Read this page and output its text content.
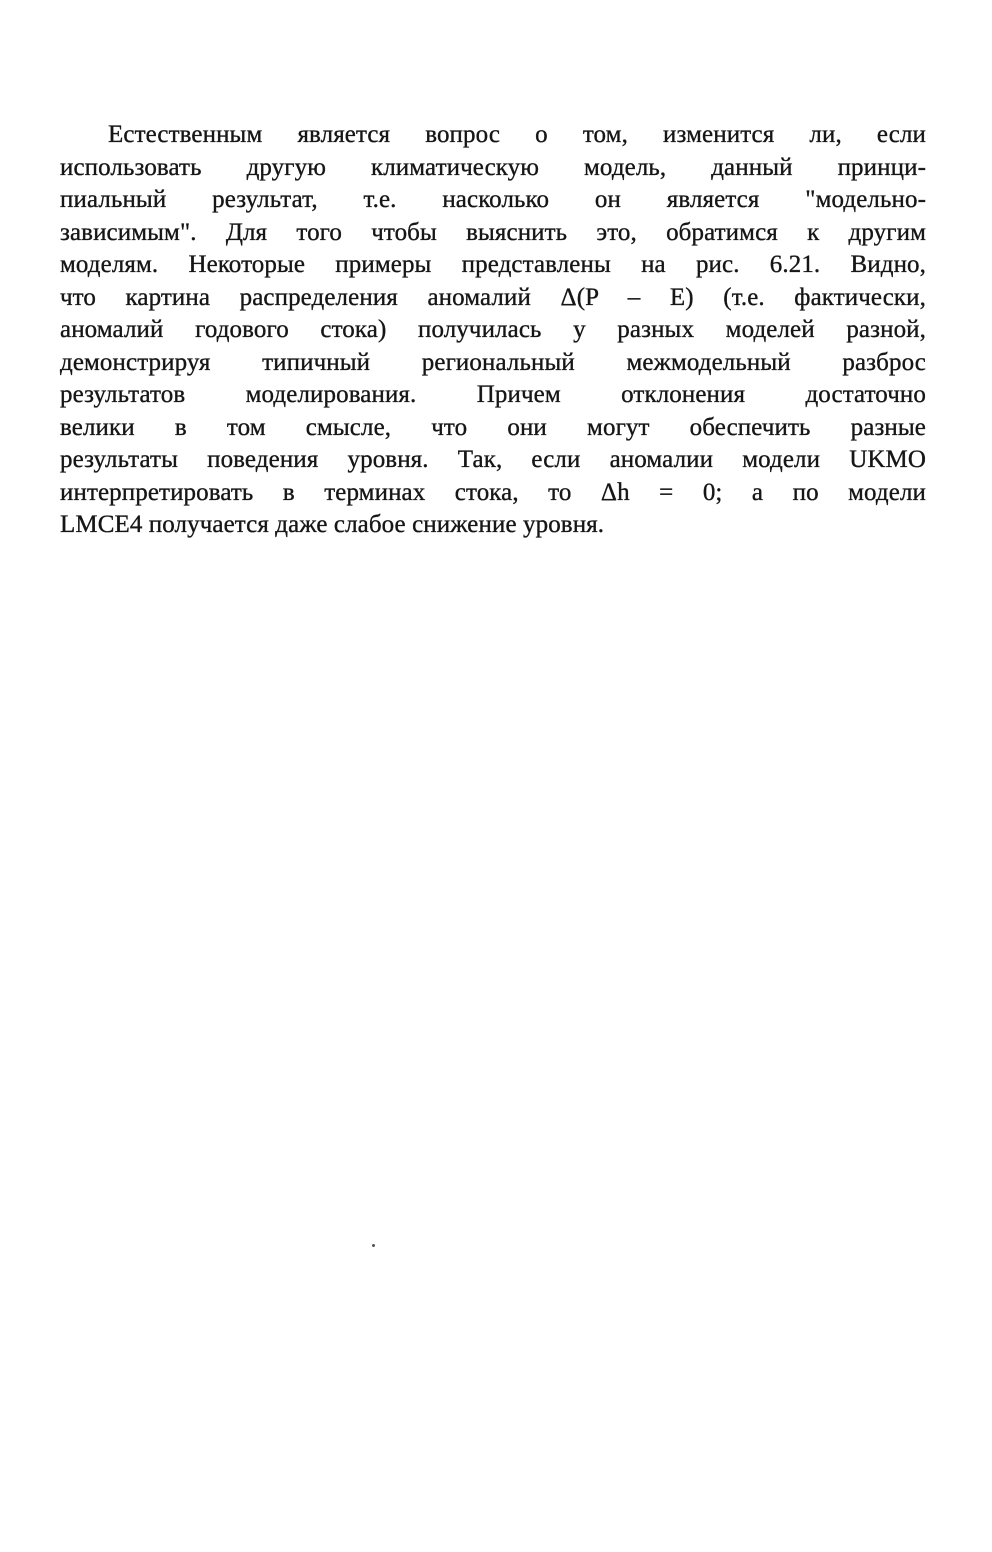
Естественным является вопрос о том, изменится ли, если
использовать другую климатическую модель, данный принци-
пиальный результат, т.е. насколько он является "модельно-
зависимым". Для того чтобы выяснить это, обратимся к другим
моделям. Некоторые примеры представлены на рис. 6.21. Видно,
что картина распределения аномалий Δ(P – E) (т.е. фактически,
аномалий годового стока) получилась у разных моделей разной,
демонстрируя типичный региональный межмодельный разброс
результатов моделирования. Причем отклонения достаточно
велики в том смысле, что они могут обеспечить разные
результаты поведения уровня. Так, если аномалии модели UKMO
интерпретировать в терминах стока, то Δh = 0; а по модели
LMCE4 получается даже слабое снижение уровня.
